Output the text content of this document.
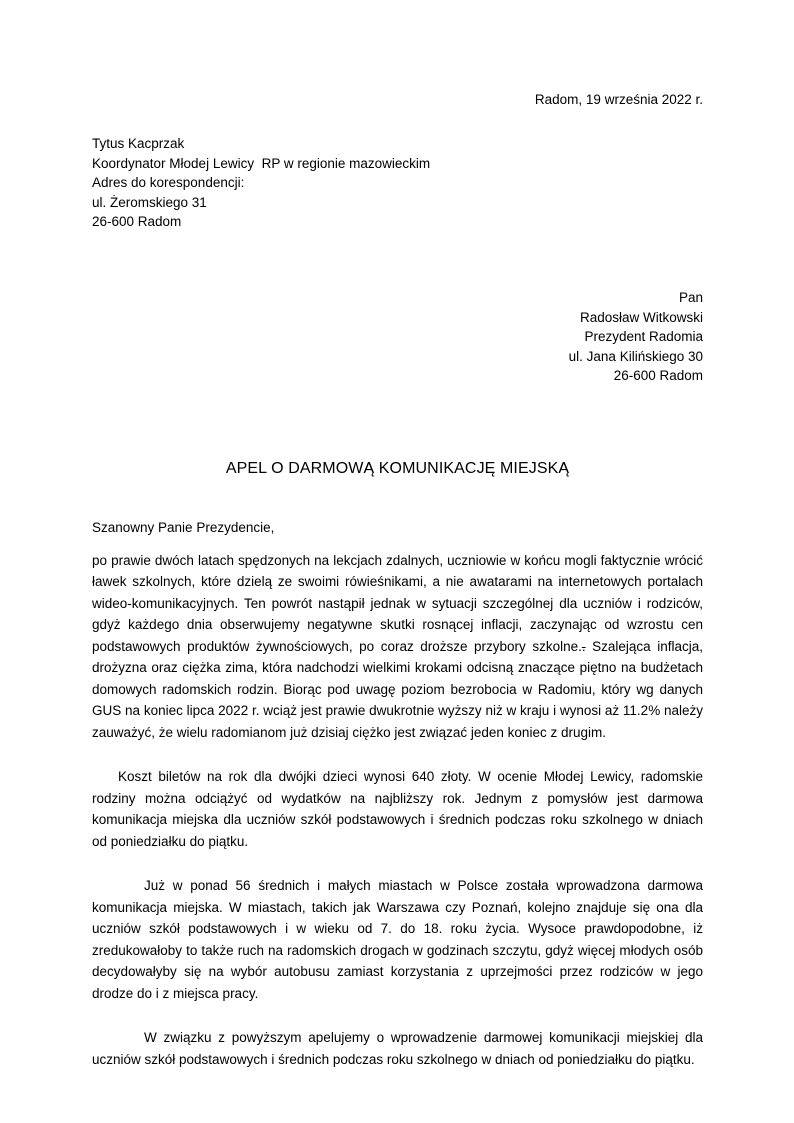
Radom, 19 września 2022 r.
Tytus Kacprzak
Koordynator Młodej Lewicy  RP w regionie mazowieckim
Adres do korespondencji:
ul. Żeromskiego 31
26-600 Radom
Pan
Radosław Witkowski
Prezydent Radomia
ul. Jana Kilińskiego 30
26-600 Radom
APEL O DARMOWĄ KOMUNIKACJĘ MIEJSKĄ
Szanowny Panie Prezydencie,
po prawie dwóch latach spędzonych na lekcjach zdalnych, uczniowie w końcu mogli faktycznie wrócić ławek szkolnych, które dzielą ze swoimi rówieśnikami, a nie awatarami na internetowych portalach wideo-komunikacyjnych. Ten powrót nastąpił jednak w sytuacji szczególnej dla uczniów i rodziców, gdyż każdego dnia obserwujemy negatywne skutki rosnącej inflacji, zaczynając od wzrostu cen podstawowych produktów żywnościowych, po coraz droższe przybory szkolne.. Szalejąca inflacja, drożyzna oraz ciężka zima, która nadchodzi wielkimi krokami odcisną znaczące piętno na budżetach domowych radomskich rodzin. Biorąc pod uwagę poziom bezrobocia w Radomiu, który wg danych GUS na koniec lipca 2022 r. wciąż jest prawie dwukrotnie wyższy niż w kraju i wynosi aż 11.2% należy zauważyć, że wielu radomianom już dzisiaj ciężko jest związać jeden koniec z drugim.
Koszt biletów na rok dla dwójki dzieci wynosi 640 złoty. W ocenie Młodej Lewicy, radomskie rodziny można odciążyć od wydatków na najbliższy rok. Jednym z pomysłów jest darmowa komunikacja miejska dla uczniów szkół podstawowych i średnich podczas roku szkolnego w dniach od poniedziałku do piątku.
Już w ponad 56 średnich i małych miastach w Polsce została wprowadzona darmowa komunikacja miejska. W miastach, takich jak Warszawa czy Poznań, kolejno znajduje się ona dla uczniów szkół podstawowych i w wieku od 7. do 18. roku życia. Wysoce prawdopodobne, iż zredukowałoby to także ruch na radomskich drogach w godzinach szczytu, gdyż więcej młodych osób decydowałyby się na wybór autobusu zamiast korzystania z uprzejmości przez rodziców w jego drodze do i z miejsca pracy.
W związku z powyższym apelujemy o wprowadzenie darmowej komunikacji miejskiej dla uczniów szkół podstawowych i średnich podczas roku szkolnego w dniach od poniedziałku do piątku.
